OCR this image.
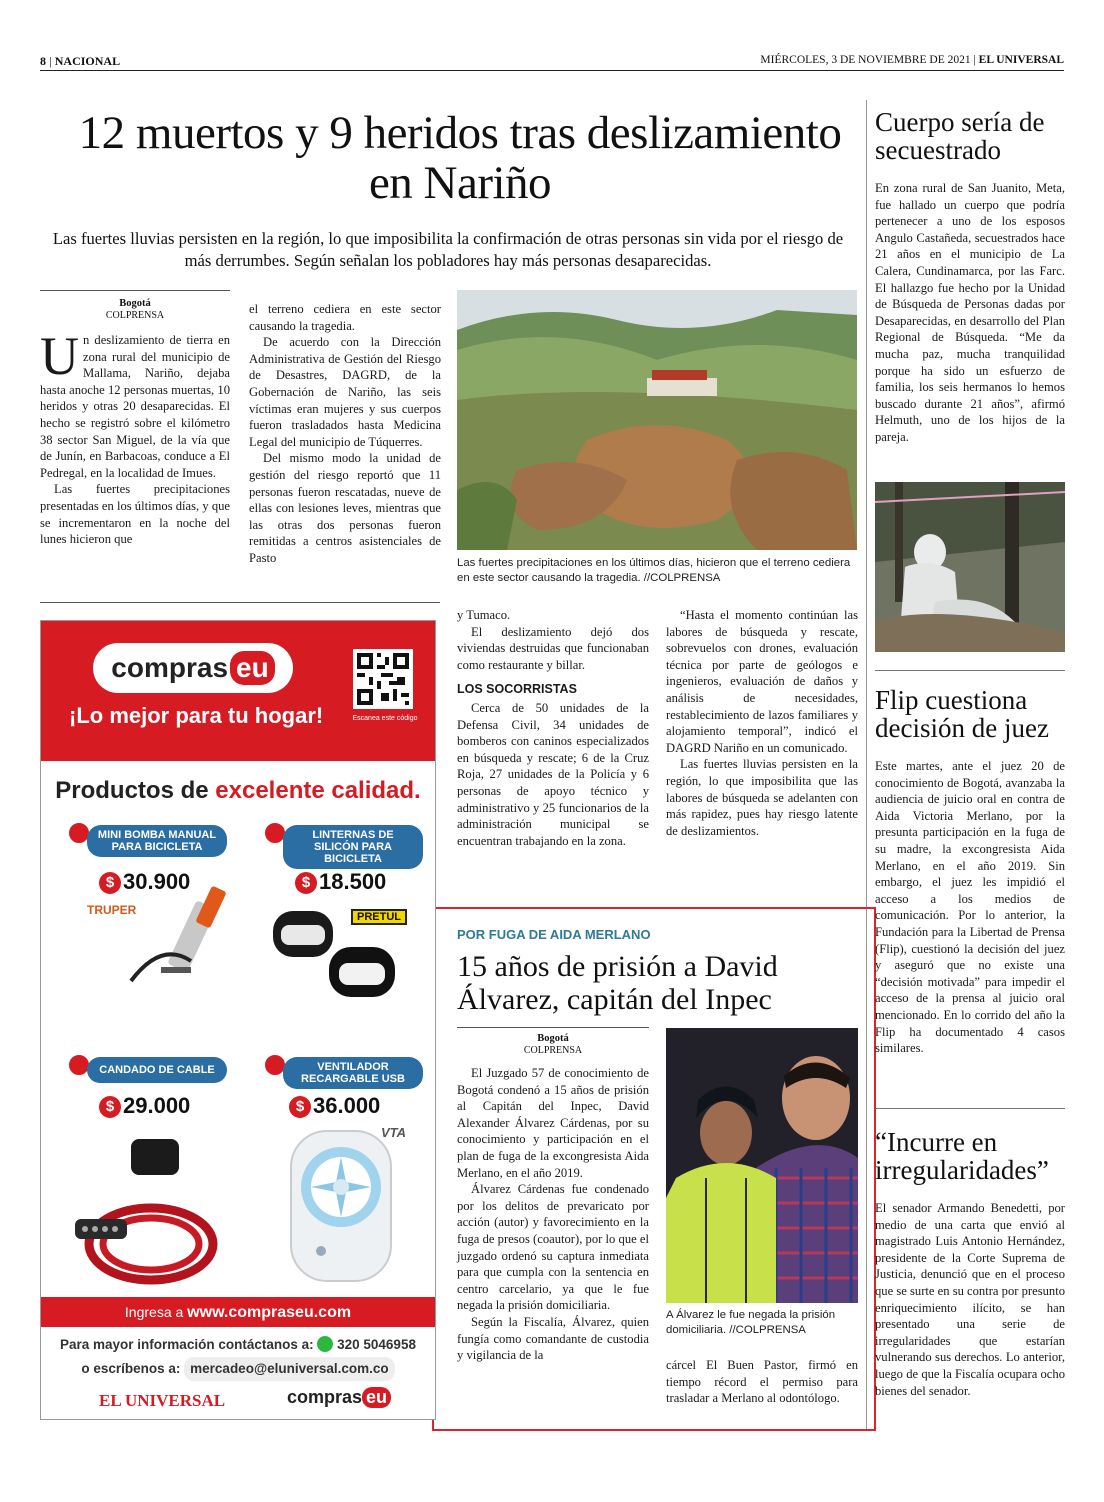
8 | NACIONAL	MIÉRCOLES, 3 DE NOVIEMBRE DE 2021 | EL UNIVERSAL
12 muertos y 9 heridos tras deslizamiento en Nariño
Las fuertes lluvias persisten en la región, lo que imposibilita la confirmación de otras personas sin vida por el riesgo de más derrumbes. Según señalan los pobladores hay más personas desaparecidas.
Bogotá
COLPRENSA

Un deslizamiento de tierra en zona rural del municipio de Mallama, Nariño, dejaba hasta anoche 12 personas muertas, 10 heridos y otras 20 desaparecidas. El hecho se registró sobre el kilómetro 38 sector San Miguel, de la vía que de Junín, en Barbacoas, conduce a El Pedregal, en la localidad de Imues.

Las fuertes precipitaciones presentadas en los últimos días, y que se incrementaron en la noche del lunes hicieron que

el terreno cediera en este sector causando la tragedia.

De acuerdo con la Dirección Administrativa de Gestión del Riesgo de Desastres, DAGRD, de la Gobernación de Nariño, las seis víctimas eran mujeres y sus cuerpos fueron trasladados hasta Medicina Legal del municipio de Túquerres.

Del mismo modo la unidad de gestión del riesgo reportó que 11 personas fueron rescatadas, nueve de ellas con lesiones leves, mientras que las otras dos personas fueron remitidas a centros asistenciales de Pasto	Las fuertes precipitaciones en los últimos días, hicieron que el terreno cediera en este sector causando la tragedia. //COLPRENSA

y Tumaco.

El deslizamiento dejó dos viviendas destruidas que funcionaban como restaurante y billar.

LOS SOCORRISTAS

Cerca de 50 unidades de la Defensa Civil, 34 unidades de bomberos con caninos especializados en búsqueda y rescate; 6 de la Cruz Roja, 27 unidades de la Policía y 6 personas de apoyo técnico y administrativo y 25 funcionarios de la administración municipal se encuentran trabajando en la zona.

“Hasta el momento continúan las labores de búsqueda y rescate, sobrevuelos con drones, evaluación técnica por parte de geólogos e ingenieros, evaluación de daños y análisis de necesidades, restablecimiento de lazos familiares y alojamiento temporal”, indicó el DAGRD Nariño en un comunicado.

Las fuertes lluvias persisten en la región, lo que imposibilita que las labores de búsqueda se adelanten con más rapidez, pues hay riesgo latente de deslizamientos.

POR FUGA DE AIDA MERLANO
15 años de prisión a David Álvarez, capitán del Inpec
Bogotá
COLPRENSA

El Juzgado 57 de conocimiento de Bogotá condenó a 15 años de prisión al Capitán del Inpec, David Alexander Álvarez Cárdenas, por su conocimiento y participación en el plan de fuga de la excongresista Aida Merlano, en el año 2019.

Álvarez Cárdenas fue condenado por los delitos de prevaricato por acción (autor) y favorecimiento en la fuga de presos (coautor), por lo que el juzgado ordenó su captura inmediata para que cumpla con la sentencia en centro carcelario, ya que le fue negada la prisión domiciliaria.

Según la Fiscalía, Álvarez, quien fungía como comandante de custodia y vigilancia de la

A Álvarez le fue negada la prisión domiciliaria. //COLPRENSA

cárcel El Buen Pastor, firmó en tiempo récord el permiso para trasladar a Merlano al odontólogo.

Cuerpo sería de secuestrado
En zona rural de San Juanito, Meta, fue hallado un cuerpo que podría pertenecer a uno de los esposos Angulo Castañeda, secuestrados hace 21 años en el municipio de La Calera, Cundinamarca, por las Farc. El hallazgo fue hecho por la Unidad de Búsqueda de Personas dadas por Desaparecidas, en desarrollo del Plan Regional de Búsqueda. “Me da mucha paz, mucha tranquilidad porque ha sido un esfuerzo de familia, los seis hermanos lo hemos buscado durante 21 años”, afirmó Helmuth, uno de los hijos de la pareja.
Flip cuestiona decisión de juez
Este martes, ante el juez 20 de conocimiento de Bogotá, avanzaba la audiencia de juicio oral en contra de Aida Victoria Merlano, por la presunta participación en la fuga de su madre, la excongresista Aida Merlano, en el año 2019. Sin embargo, el juez les impidió el acceso a los medios de comunicación. Por lo anterior, la Fundación para la Libertad de Prensa (Flip), cuestionó la decisión del juez y aseguró que no existe una “decisión motivada” para impedir el acceso de la prensa al juicio oral mencionado. En lo corrido del año la Flip ha documentado 4 casos similares.
“Incurre en irregularidades”
El senador Armando Benedetti, por medio de una carta que envió al magistrado Luis Antonio Hernández, presidente de la Corte Suprema de Justicia, denunció que en el proceso que se surte en su contra por presunto enriquecimiento ilícito, se han presentado una serie de irregularidades que estarían vulnerando sus derechos. Lo anterior, luego de que la Fiscalía ocupara ocho bienes del senador.
compras eu
¡Lo mejor para tu hogar!	Escanea este código
Productos de excelente calidad.
MINI BOMBA MANUAL PARA BICICLETA
$ 30.900
TRUPER
LINTERNAS DE SILICÓN PARA BICICLETA
$ 18.500
PRETUL
CANDADO DE CABLE
$ 29.000
VENTILADOR RECARGABLE USB
$ 36.000
VTA
Ingresa a www.compraseu.com
Para mayor información contáctanos a: 320 5046958
o escríbenos a: mercadeo@eluniversal.com.co
EL UNIVERSAL	compras eu
